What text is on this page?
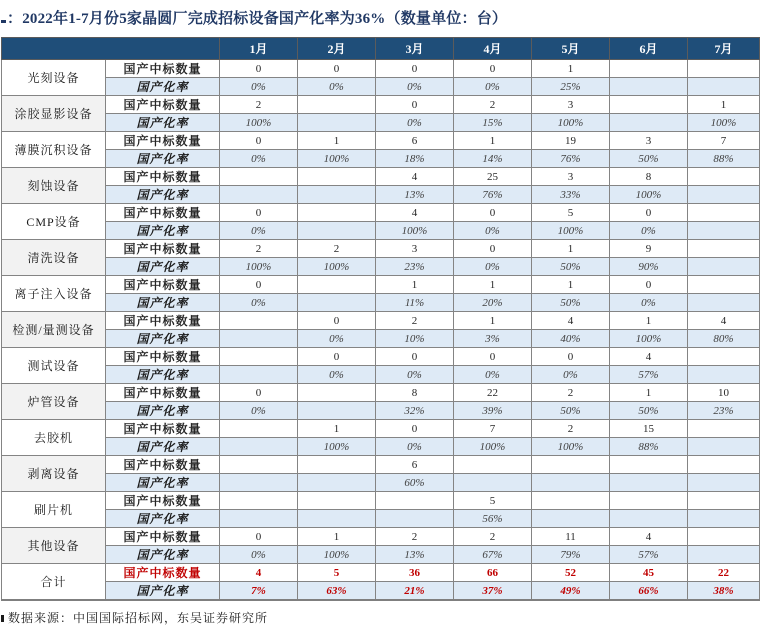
：2022年1-7月份5家晶圆厂完成招标设备国产化率为36%（数量单位：台）
		1月	2月	3月	4月	5月	6月	7月
光刻设备	国产中标数量	0	0	0	0	1		
	国产化率	0%	0%	0%	0%	25%		
涂胶显影设备	国产中标数量	2		0	2	3		1
	国产化率	100%		0%	15%	100%		100%
薄膜沉积设备	国产中标数量	0	1	6	1	19	3	7
	国产化率	0%	100%	18%	14%	76%	50%	88%
刻蚀设备	国产中标数量			4	25	3	8	
	国产化率			13%	76%	33%	100%	
CMP设备	国产中标数量	0		4	0	5	0	
	国产化率	0%		100%	0%	100%	0%	
清洗设备	国产中标数量	2	2	3	0	1	9	
	国产化率	100%	100%	23%	0%	50%	90%	
离子注入设备	国产中标数量	0		1	1	1	0	
	国产化率	0%		11%	20%	50%	0%	
检测/量测设备	国产中标数量		0	2	1	4	1	4
	国产化率		0%	10%	3%	40%	100%	80%
测试设备	国产中标数量		0	0	0	0	4	
	国产化率		0%	0%	0%	0%	57%	
炉管设备	国产中标数量	0		8	22	2	1	10
	国产化率	0%		32%	39%	50%	50%	23%
去胶机	国产中标数量		1	0	7	2	15	
	国产化率		100%	0%	100%	100%	88%	
剥离设备	国产中标数量			6				
	国产化率			60%				
刷片机	国产中标数量				5			
	国产化率				56%			
其他设备	国产中标数量	0	1	2	2	11	4	
	国产化率	0%	100%	13%	67%	79%	57%	
合计	国产中标数量	4	5	36	66	52	45	22
	国产化率	7%	63%	21%	37%	49%	66%	38%
数据来源：中国国际招标网，东吴证券研究所
